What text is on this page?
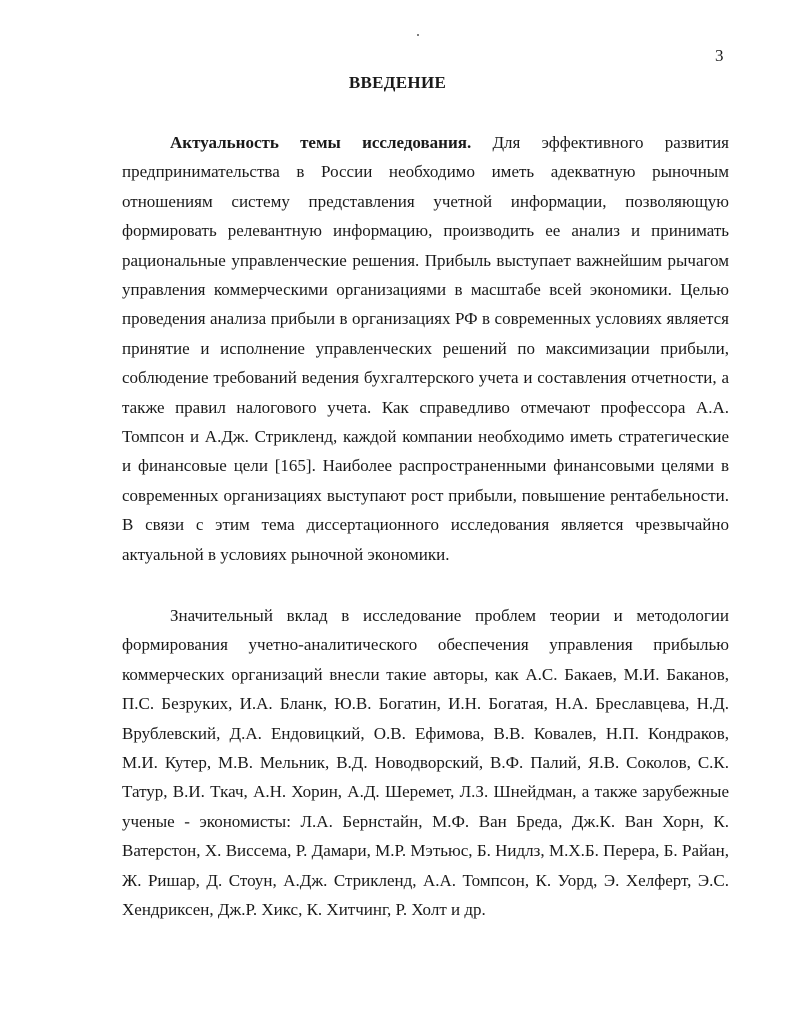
3
ВВЕДЕНИЕ

Актуальность темы исследования. Для эффективного развития предпринимательства в России необходимо иметь адекватную рыночным отношениям систему представления учетной информации, позволяющую формировать релевантную информацию, производить ее анализ и принимать рациональные управленческие решения. Прибыль выступает важнейшим рычагом управления коммерческими организациями в масштабе всей экономики. Целью проведения анализа прибыли в организациях РФ в современных условиях является принятие и исполнение управленческих решений по максимизации прибыли, соблюдение требований ведения бухгалтерского учета и составления отчетности, а также правил налогового учета. Как справедливо отмечают профессора А.А. Томпсон и А.Дж. Стрикленд, каждой компании необходимо иметь стратегические и финансовые цели [165]. Наиболее распространенными финансовыми целями в современных организациях выступают рост прибыли, повышение рентабельности. В связи с этим тема диссертационного исследования является чрезвычайно актуальной в условиях рыночной экономики.

Значительный вклад в исследование проблем теории и методологии формирования учетно-аналитического обеспечения управления прибылью коммерческих организаций внесли такие авторы, как А.С. Бакаев, М.И. Баканов, П.С. Безруких, И.А. Бланк, Ю.В. Богатин, И.Н. Богатая, Н.А. Бреславцева, Н.Д. Врублевский, Д.А. Ендовицкий, О.В. Ефимова, В.В. Ковалев, Н.П. Кондраков, М.И. Кутер, М.В. Мельник, В.Д. Новодворский, В.Ф. Палий, Я.В. Соколов, С.К. Татур, В.И. Ткач, А.Н. Хорин, А.Д. Шеремет, Л.З. Шнейдман, а также зарубежные ученые - экономисты: Л.А. Бернстайн, М.Ф. Ван Бреда, Дж.К. Ван Хорн, К. Ватерстон, Х. Виссема, Р. Дамари, М.Р. Мэтьюс, Б. Нидлз, М.Х.Б. Перера, Б. Райан, Ж. Ришар, Д. Стоун, А.Дж. Стрикленд, А.А. Томпсон, К. Уорд, Э. Хелферт, Э.С. Хендриксен, Дж.Р. Хикс, К. Хитчинг, Р. Холт и др.
